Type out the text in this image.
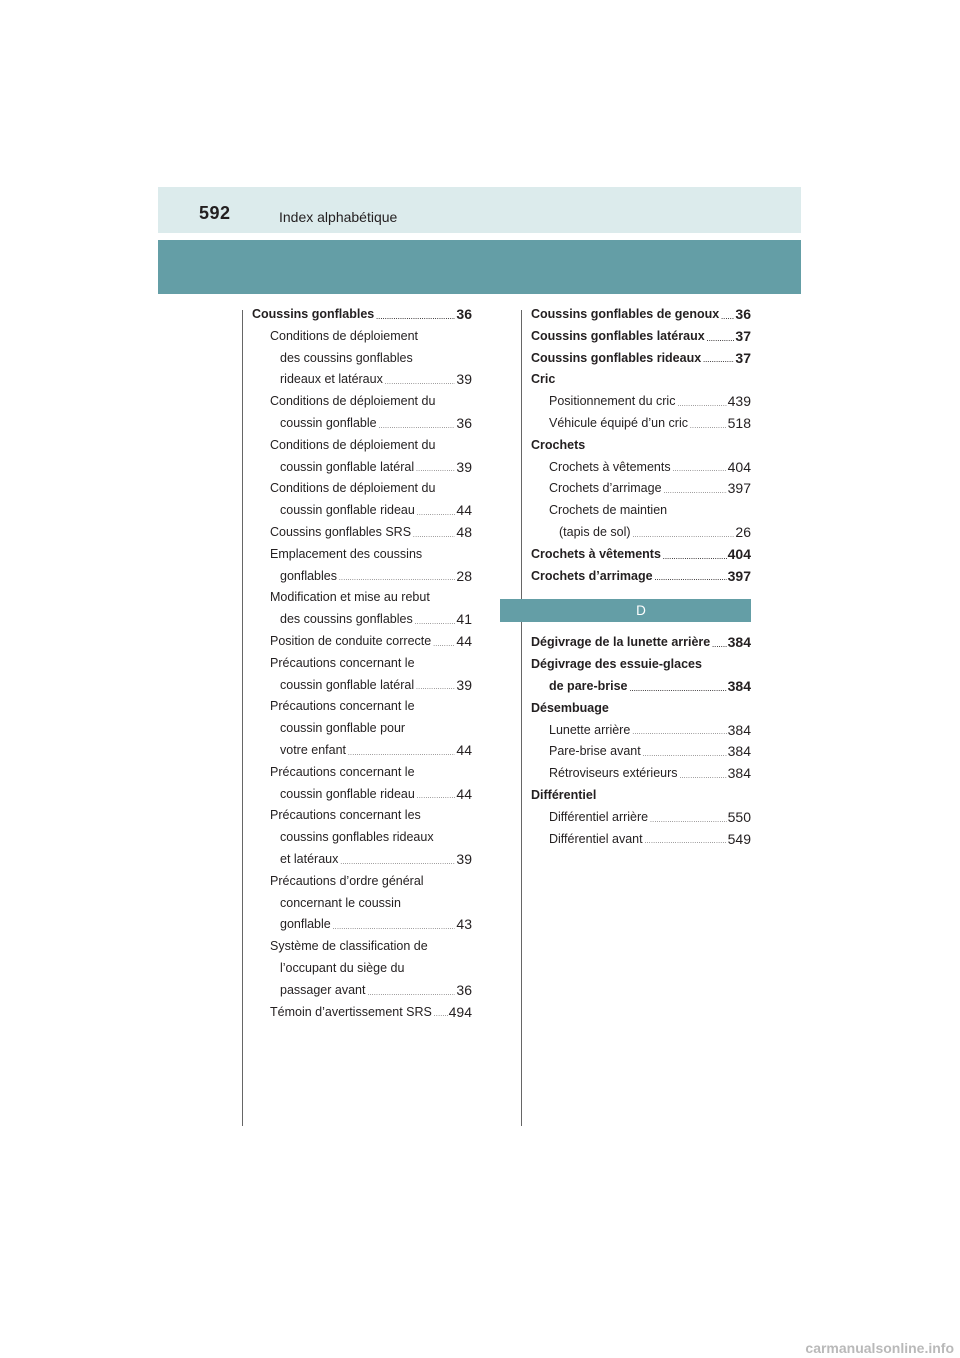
592	Index alphabétique
Coussins gonflables .....	36
Conditions de déploiement
des coussins gonflables
rideaux et latéraux .....	39
Conditions de déploiement du
coussin gonflable .....	36
Conditions de déploiement du
coussin gonflable latéral .....	39
Conditions de déploiement du
coussin gonflable rideau .....	44
Coussins gonflables SRS .....	48
Emplacement des coussins
gonflables .....	28
Modification et mise au rebut
des coussins gonflables .....	41
Position de conduite correcte ..... 44
Précautions concernant le
coussin gonflable latéral .....	39
Précautions concernant le
coussin gonflable pour
votre enfant .....	44
Précautions concernant le
coussin gonflable rideau .....	44
Précautions concernant les
coussins gonflables rideaux
et latéraux .....	39
Précautions d’ordre général
concernant le coussin
gonflable .....	43
Système de classification de
l’occupant du siège du
passager avant .....	36
Témoin d’avertissement SRS ..... 494
Coussins gonflables de genoux ..... 36
Coussins gonflables latéraux ..... 37
Coussins gonflables rideaux ..... 37
Cric
Positionnement du cric .....	439
Véhicule équipé d’un cric .....	518
Crochets
Crochets à vêtements .....	404
Crochets d’arrimage .....	397
Crochets de maintien
(tapis de sol) .....	26
Crochets à vêtements .....	404
Crochets d’arrimage .....	397
D
Dégivrage de la lunette arrière ..... 384
Dégivrage des essuie-glaces
de pare-brise .....	384
Désembuage
Lunette arrière .....	384
Pare-brise avant .....	384
Rétroviseurs extérieurs .....	384
Différentiel
Différentiel arrière .....	550
Différentiel avant .....	549
carmanualsonline.info
